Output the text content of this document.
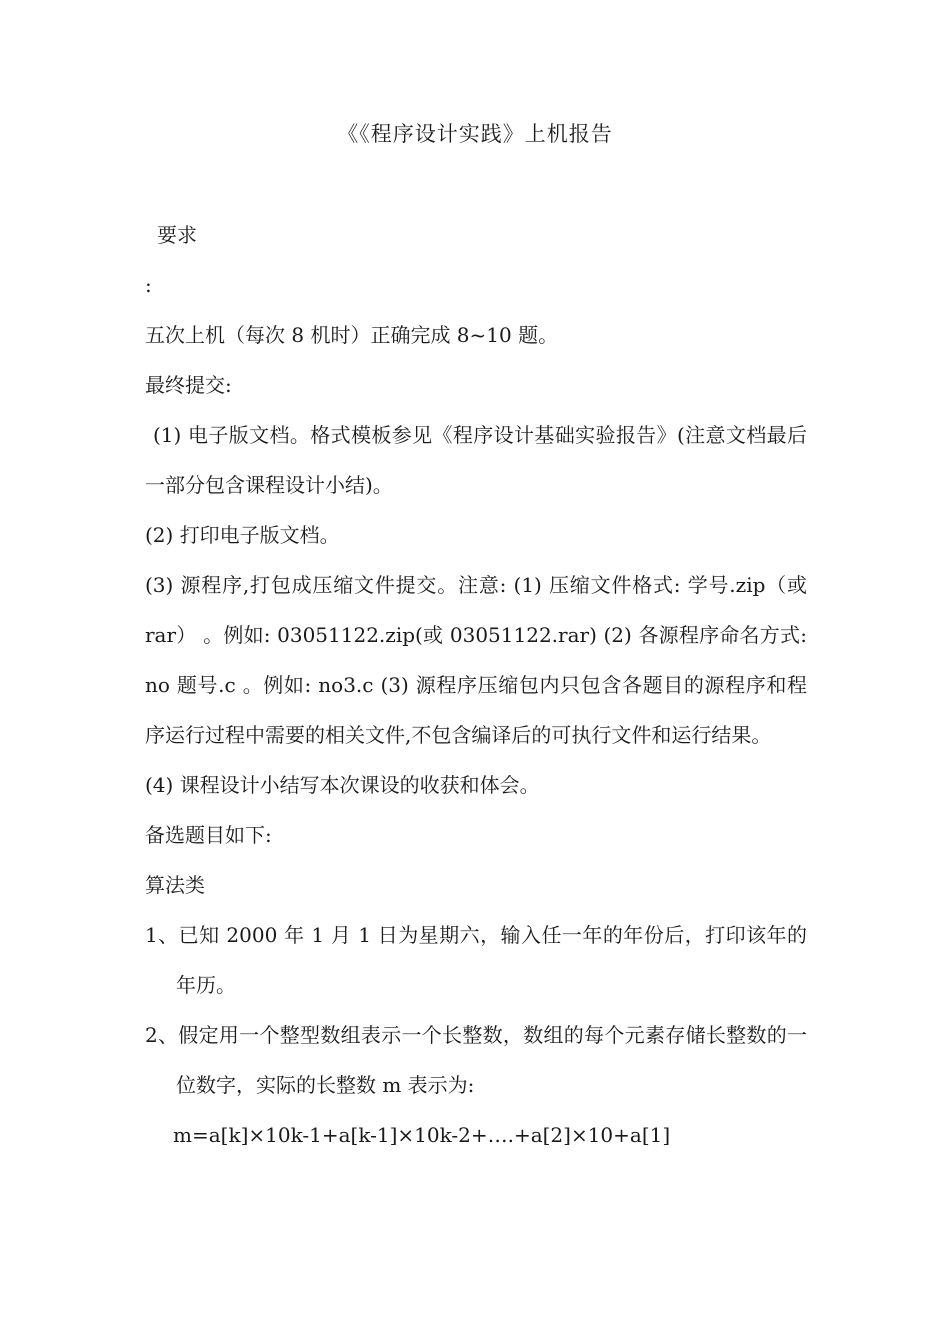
《《程序设计实践》上机报告
要求
:
五次上机（每次 8 机时）正确完成 8~10 题。
最终提交:
(1) 电子版文档。格式模板参见《程序设计基础实验报告》(注意文档最后一部分包含课程设计小结)。
(2) 打印电子版文档。
(3) 源程序,打包成压缩文件提交。注意: (1) 压缩文件格式: 学号.zip（或 rar） 。例如: 03051122.zip(或 03051122.rar) (2) 各源程序命名方式: no 题号.c 。例如: no3.c (3) 源程序压缩包内只包含各题目的源程序和程序运行过程中需要的相关文件,不包含编译后的可执行文件和运行结果。
(4) 课程设计小结写本次课设的收获和体会。
备选题目如下:
算法类
1、已知 2000 年 1 月 1 日为星期六，输入任一年的年份后，打印该年的年历。
2、假定用一个整型数组表示一个长整数，数组的每个元素存储长整数的一位数字，实际的长整数 m 表示为:
m=a[k]×10k-1+a[k-1]×10k-2+….+a[2]×10+a[1]
